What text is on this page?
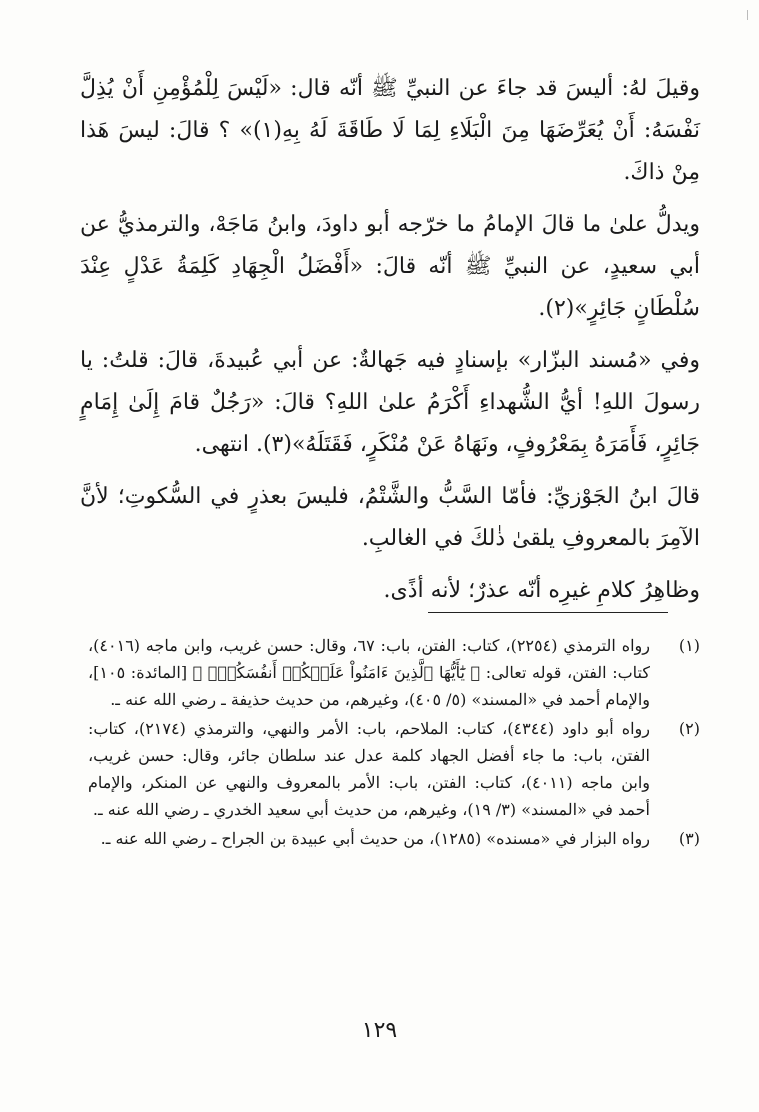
وقيلَ لهُ: أليسَ قد جاءَ عن النبيِّ ﷺ أنّه قال: «لَيْسَ لِلْمُؤْمِنِ أَنْ يُذِلَّ نَفْسَهُ: أَنْ يُعَرِّضَهَا مِنَ الْبَلَاءِ لِمَا لَا طَاقَةَ لَهُ بِهِ(١)» ؟ قالَ: ليسَ هَذا مِنْ ذاكَ.

ويدلُّ علىٰ ما قالَ الإمامُ ما خرّجه أبو داودَ، وابنُ مَاجَهْ، والترمذيُّ عن أبي سعيدٍ، عن النبيِّ ﷺ أنّه قالَ: «أَفْضَلُ الْجِهَادِ كَلِمَةُ عَدْلٍ عِنْدَ سُلْطَانٍ جَائِرٍ»(٢).

وفي «مُسند البزّار» بإسنادٍ فيه جَهالةٌ: عن أبي عُبيدةَ، قالَ: قلتُ: يا رسولَ اللهِ! أيُّ الشُّهداءِ أَكْرَمُ علىٰ اللهِ؟ قالَ: «رَجُلٌ قامَ إِلَىٰ إِمَامٍ جَائِرٍ، فَأَمَرَهُ بِمَعْرُوفٍ، ونَهَاهُ عَنْ مُنْكَرٍ، فَقَتَلَهُ»(٣). انتهى.

قالَ ابنُ الجَوْزيِّ: فأمّا السَّبُّ والشَّتْمُ، فليسَ بعذرٍ في السُّكوتِ؛ لأنَّ الآمِرَ بالمعروفِ يلقىٰ ذٰلكَ في الغالبِ.

وظاهِرُ كلامِ غيرِه أنّه عذرٌ؛ لأنه أذًى.

(١)
رواه الترمذي (٢٢٥٤)، كتاب: الفتن، باب: ٦٧، وقال: حسن غريب، وابن ماجه (٤٠١٦)، كتاب: الفتن، قوله تعالى: ﴿ يَٰٓأَيُّهَا ٱلَّذِينَ ءَامَنُواْ عَلَيۡكُمۡ أَنفُسَكُمۡۖ ﴾ [المائدة: ١٠٥]، والإمام أحمد في «المسند» (٥/ ٤٠٥)، وغيرهم، من حديث حذيفة ـ رضي الله عنه ـ.
(٢)
رواه أبو داود (٤٣٤٤)، كتاب: الملاحم، باب: الأمر والنهي، والترمذي (٢١٧٤)، كتاب: الفتن، باب: ما جاء أفضل الجهاد كلمة عدل عند سلطان جائر، وقال: حسن غريب، وابن ماجه (٤٠١١)، كتاب: الفتن، باب: الأمر بالمعروف والنهي عن المنكر، والإمام أحمد في «المسند» (٣/ ١٩)، وغيرهم، من حديث أبي سعيد الخدري ـ رضي الله عنه ـ.
(٣)
رواه البزار في «مسنده» (١٢٨٥)، من حديث أبي عبيدة بن الجراح ـ رضي الله عنه ـ.
١٢٩
